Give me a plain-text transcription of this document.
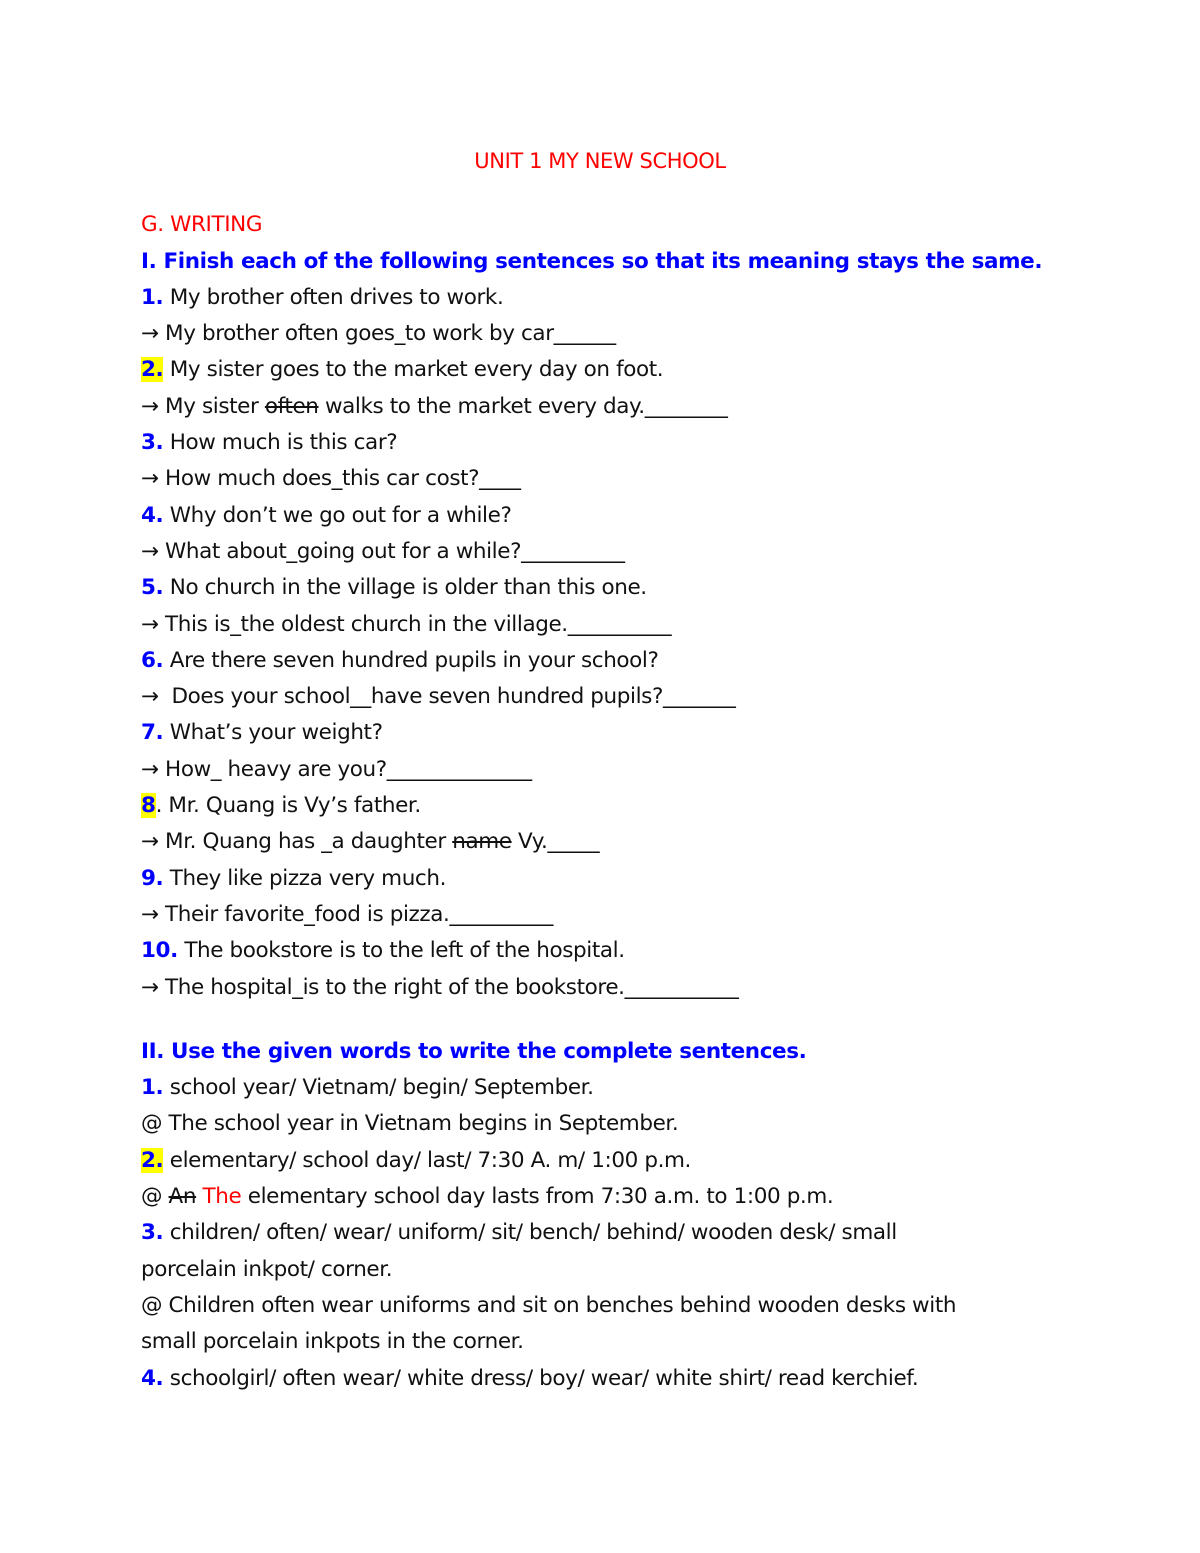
UNIT 1 MY NEW SCHOOL
G. WRITING
I. Finish each of the following sentences so that its meaning stays the same.
1. My brother often drives to work.
→ My brother often goes_to work by car______
2. My sister goes to the market every day on foot.
→ My sister often walks to the market every day.________
3. How much is this car?
→ How much does_this car cost?____
4. Why don’t we go out for a while?
→ What about_going out for a while?__________
5. No church in the village is older than this one.
→ This is_the oldest church in the village.__________
6. Are there seven hundred pupils in your school?
→  Does your school__have seven hundred pupils?_______
7. What’s your weight?
→ How_ heavy are you?______________
8. Mr. Quang is Vy’s father.
→ Mr. Quang has _a daughter name Vy._____
9. They like pizza very much.
→ Their favorite_food is pizza.__________
10. The bookstore is to the left of the hospital.
→ The hospital_is to the right of the bookstore.___________
II. Use the given words to write the complete sentences.
1. school year/ Vietnam/ begin/ September.
@ The school year in Vietnam begins in September.
2. elementary/ school day/ last/ 7:30 A. m/ 1:00 p.m.
@ An The elementary school day lasts from 7:30 a.m. to 1:00 p.m.
3. children/ often/ wear/ uniform/ sit/ bench/ behind/ wooden desk/ small
porcelain inkpot/ corner.
@ Children often wear uniforms and sit on benches behind wooden desks with
small porcelain inkpots in the corner.
4. schoolgirl/ often wear/ white dress/ boy/ wear/ white shirt/ read kerchief.
